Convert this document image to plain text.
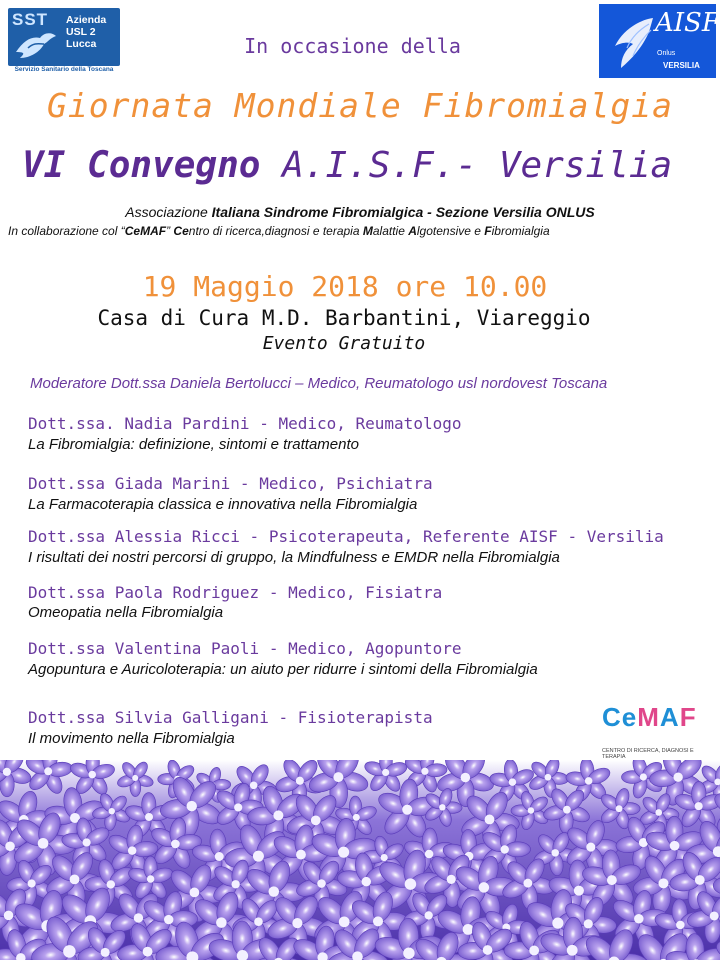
SST Azienda
USL 2
Lucca
Servizio Sanitario della Toscana
AISF
Onlus
VERSILIA
In occasione della
Giornata Mondiale Fibromialgia
VI Convegno A.I.S.F.- Versilia
Associazione Italiana Sindrome Fibromialgica - Sezione Versilia ONLUS
In collaborazione col “CeMAF” Centro di ricerca,diagnosi e terapia Malattie Algotensive e Fibromialgia
19 Maggio 2018 ore 10.00
Casa di Cura M.D. Barbantini, Viareggio
Evento Gratuito
Moderatore Dott.ssa Daniela Bertolucci – Medico, Reumatologo usl nordovest Toscana
Dott.ssa. Nadia Pardini - Medico, Reumatologo
La Fibromialgia: definizione, sintomi e trattamento
Dott.ssa Giada Marini - Medico, Psichiatra
La Farmacoterapia classica e innovativa nella Fibromialgia
Dott.ssa Alessia Ricci - Psicoterapeuta, Referente AISF - Versilia
I risultati dei nostri percorsi di gruppo, la Mindfulness e EMDR nella Fibromialgia
Dott.ssa Paola Rodriguez - Medico, Fisiatra
Omeopatia nella Fibromialgia
Dott.ssa Valentina Paoli - Medico, Agopuntore
Agopuntura e Auricoloterapia: un aiuto per ridurre i sintomi della Fibromialgia
Dott.ssa Silvia Galligani - Fisioterapista
Il movimento nella Fibromialgia
CeMAF
CENTRO DI RICERCA, DIAGNOSI E TERAPIA
